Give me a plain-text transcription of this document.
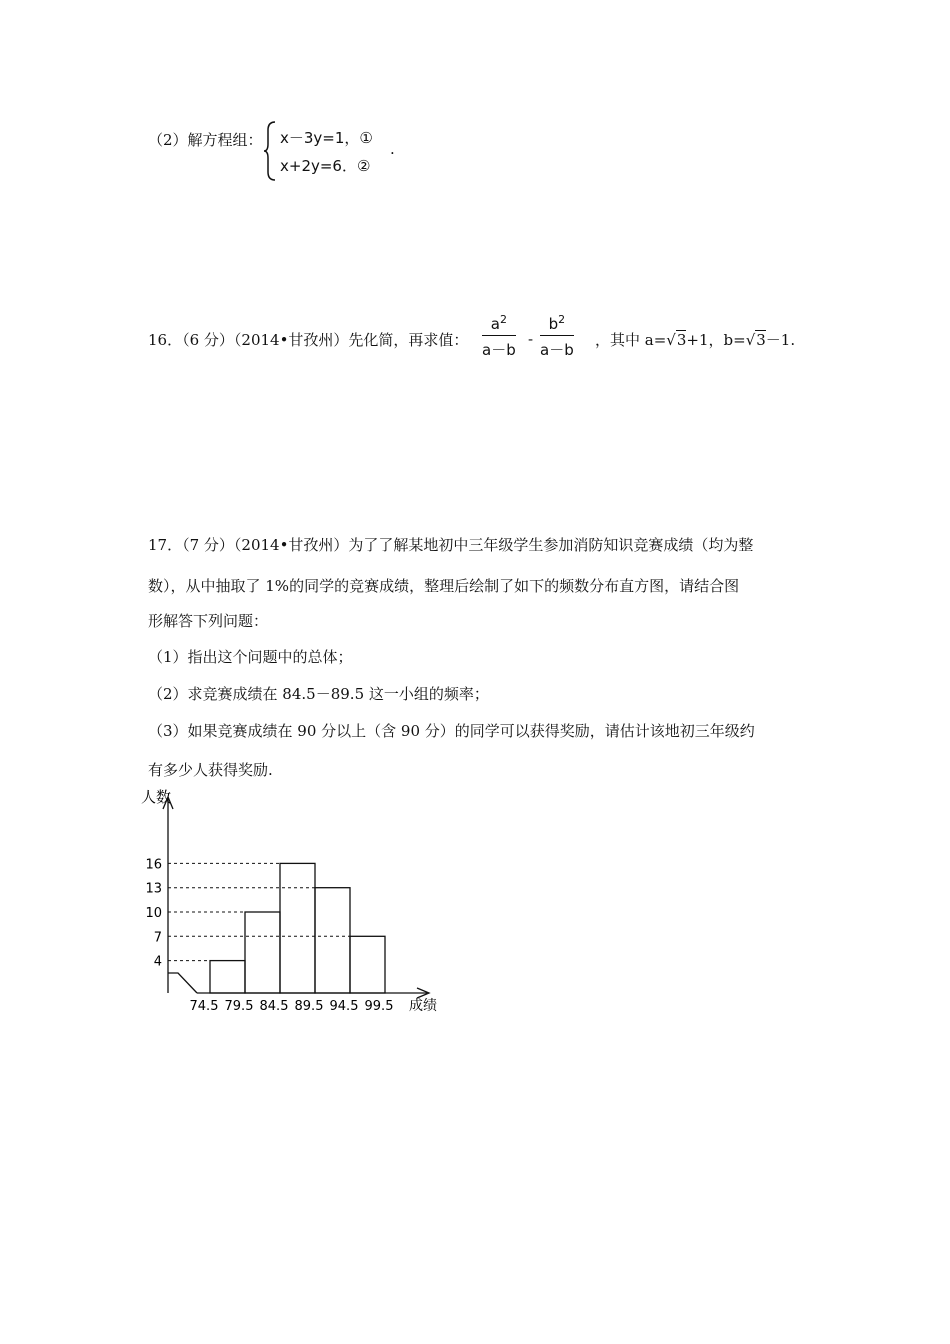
（2）解方程组： x－3y=1，①
x+2y=6．②
.
16．（6 分）（2014•甘孜州）先化简，再求值： $\frac{a^2}{a-b} - \frac{b^2}{a-b}$ ，其中 a=√3+1，b=√3－1.
17．（7 分）（2014•甘孜州）为了了解某地初中三年级学生参加消防知识竞赛成绩（均为整
数），从中抽取了 1%的同学的竞赛成绩，整理后绘制了如下的频数分布直方图，请结合图
形解答下列问题：
（1）指出这个问题中的总体；
（2）求竞赛成绩在 84.5－89.5 这一小组的频率；
（3）如果竞赛成绩在 90 分以上（含 90 分）的同学可以获得奖励，请估计该地初三年级约
有多少人获得奖励.
人数
成绩
4
7
10
13
16
74.5 79.5 84.5 89.5 94.5 99.5
